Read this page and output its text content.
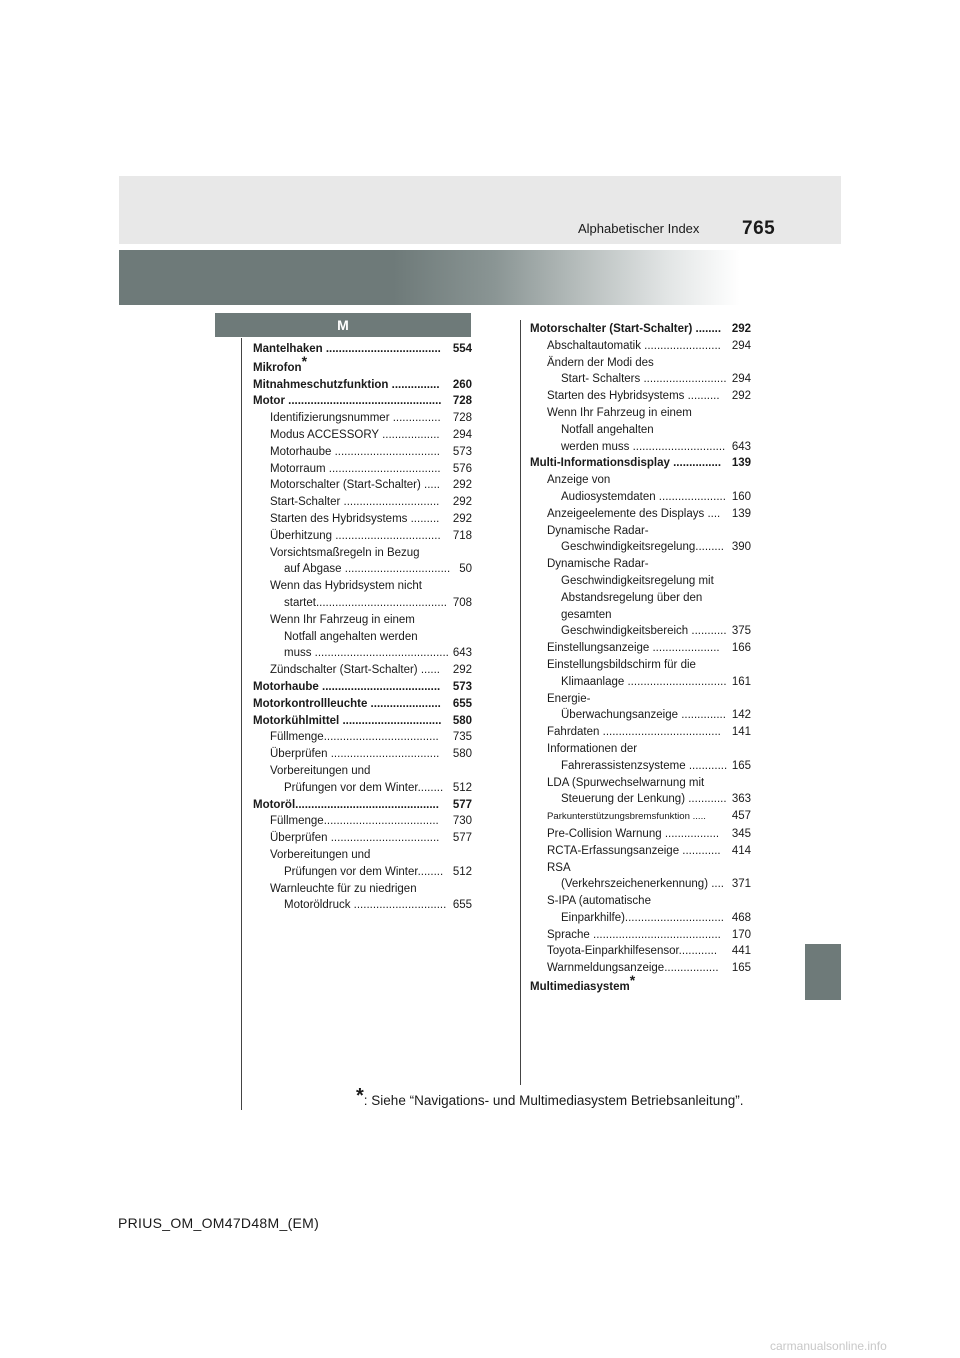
Alphabetischer Index 765
M
Mantelhaken .................................... 554
Mikrofon*
Mitnahmeschutzfunktion ............... 260
Motor ................................................ 728
Identifizierungsnummer ............... 728
Modus ACCESSORY .................. 294
Motorhaube ................................. 573
Motorraum ................................... 576
Motorschalter (Start-Schalter) ..... 292
Start-Schalter .............................. 292
Starten des Hybridsystems ......... 292
Überhitzung ................................. 718
Vorsichtsmaßregeln in Bezug
auf Abgase ................................. 50
Wenn das Hybridsystem nicht
startet......................................... 708
Wenn Ihr Fahrzeug in einem
Notfall angehalten werden
muss .......................................... 643
Zündschalter (Start-Schalter) ...... 292
Motorhaube ..................................... 573
Motorkontrollleuchte ...................... 655
Motorkühlmittel ............................... 580
Füllmenge.................................... 735
Überprüfen .................................. 580
Vorbereitungen und
Prüfungen vor dem Winter........ 512
Motoröl............................................. 577
Füllmenge.................................... 730
Überprüfen .................................. 577
Vorbereitungen und
Prüfungen vor dem Winter........ 512
Warnleuchte für zu niedrigen
Motoröldruck ............................. 655
Motorschalter (Start-Schalter) ........ 292
Abschaltautomatik ........................ 294
Ändern der Modi des
Start- Schalters .......................... 294
Starten des Hybridsystems .......... 292
Wenn Ihr Fahrzeug in einem
Notfall angehalten
werden muss ............................. 643
Multi-Informationsdisplay ............... 139
Anzeige von
Audiosystemdaten ..................... 160
Anzeigeelemente des Displays .... 139
Dynamische Radar-
Geschwindigkeitsregelung......... 390
Dynamische Radar-
Geschwindigkeitsregelung mit
Abstandsregelung über den
gesamten
Geschwindigkeitsbereich ........... 375
Einstellungsanzeige ..................... 166
Einstellungsbildschirm für die
Klimaanlage ............................... 161
Energie-
Überwachungsanzeige .............. 142
Fahrdaten ..................................... 141
Informationen der
Fahrerassistenzsysteme ............ 165
LDA (Spurwechselwarnung mit
Steuerung der Lenkung) ............ 363
Parkunterstützungsbremsfunktion ..... 457
Pre-Collision Warnung ................. 345
RCTA-Erfassungsanzeige ............ 414
RSA
(Verkehrszeichenerkennung) .... 371
S-IPA (automatische
Einparkhilfe)............................... 468
Sprache ........................................ 170
Toyota-Einparkhilfesensor............ 441
Warnmeldungsanzeige................. 165
Multimediasystem*
*: Siehe “Navigations- und Multimediasystem Betriebsanleitung”.
PRIUS_OM_OM47D48M_(EM)
carmanualsonline.info
